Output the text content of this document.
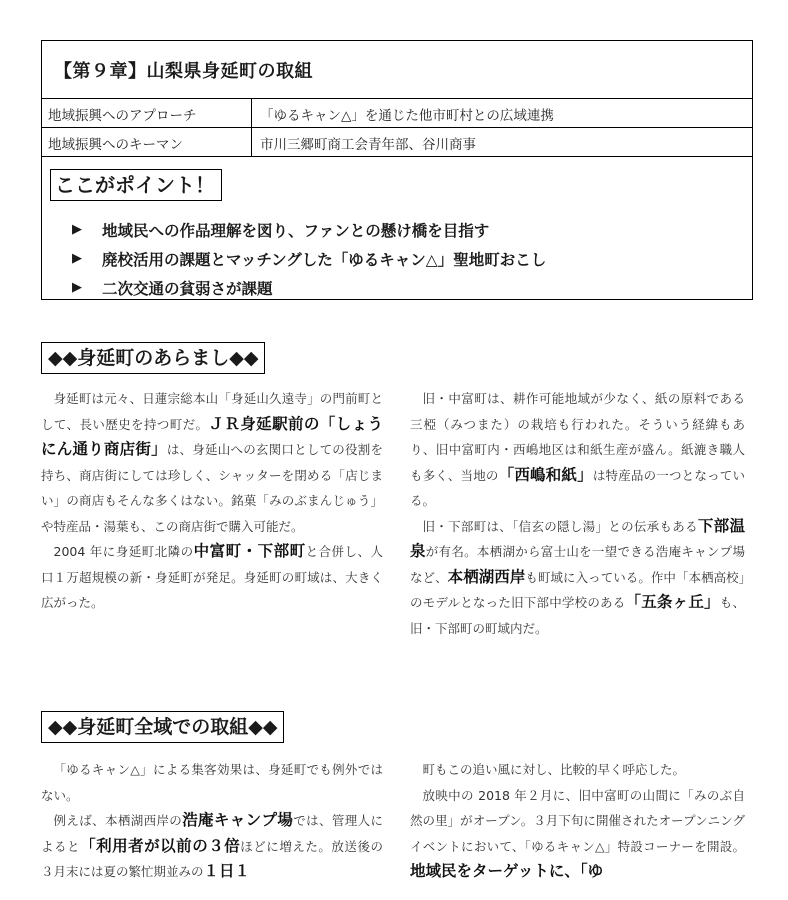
【第９章】山梨県身延町の取組
地域振興へのアプローチ	「ゆるキャン△」を通じた他市町村との広域連携
地域振興へのキーマン	市川三郷町商工会青年部、谷川商事
ここがポイント！
▶	地域民への作品理解を図り、ファンとの懸け橋を目指す
▶	廃校活用の課題とマッチングした「ゆるキャン△」聖地町おこし
▶	二次交通の貧弱さが課題
◆◆身延町のあらまし◆◆

身延町は元々、日蓮宗総本山「身延山久遠寺」の門前町として、長い歴史を持つ町だ。ＪＲ身延駅前の「しょうにん通り商店街」は、身延山への玄関口としての役割を持ち、商店街にしては珍しく、シャッターを閉める「店じまい」の商店もそんな多くはない。銘菓「みのぶまんじゅう」や特産品・湯葉も、この商店街で購入可能だ。

2004 年に身延町北隣の中富町・下部町と合併し、人口１万超規模の新・身延町が発足。身延町の町域は、大きく広がった。

旧・中富町は、耕作可能地域が少なく、紙の原料である三椏（みつまた）の栽培も行われた。そういう経緯もあり、旧中富町内・西嶋地区は和紙生産が盛ん。紙漉き職人も多く、当地の「西嶋和紙」は特産品の一つとなっている。

旧・下部町は、「信玄の隠し湯」との伝承もある下部温泉が有名。本栖湖から富士山を一望できる浩庵キャンプ場など、本栖湖西岸も町域に入っている。作中「本栖高校」のモデルとなった旧下部中学校のある「五条ヶ丘」も、旧・下部町の町域内だ。

◆◆身延町全域での取組◆◆

「ゆるキャン△」による集客効果は、身延町でも例外ではない。

例えば、本栖湖西岸の浩庵キャンプ場では、管理人によると「利用者が以前の３倍ほどに増えた。放送後の３月末には夏の繁忙期並みの１日１

町もこの追い風に対し、比較的早く呼応した。

放映中の 2018 年２月に、旧中富町の山間に「みのぶ自然の里」がオープン。３月下旬に開催されたオープンニングイベントにおいて、「ゆるキャン△」特設コーナーを開設。地域民をターゲットに、「ゆ
